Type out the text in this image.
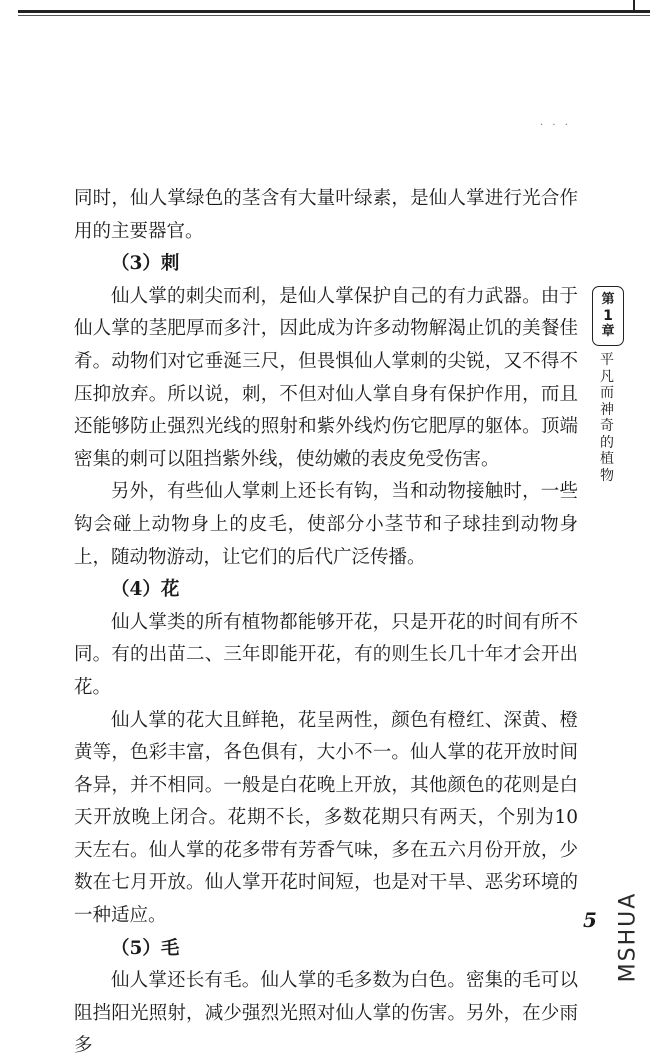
· · ·

同时，仙人掌绿色的茎含有大量叶绿素，是仙人掌进行光合作用的主要器官。

（3）刺

仙人掌的刺尖而利，是仙人掌保护自己的有力武器。由于仙人掌的茎肥厚而多汁，因此成为许多动物解渴止饥的美餐佳肴。动物们对它垂涎三尺，但畏惧仙人掌刺的尖锐，又不得不压抑放弃。所以说，刺，不但对仙人掌自身有保护作用，而且还能够防止强烈光线的照射和紫外线灼伤它肥厚的躯体。顶端密集的刺可以阻挡紫外线，使幼嫩的表皮免受伤害。

另外，有些仙人掌刺上还长有钩，当和动物接触时，一些钩会碰上动物身上的皮毛，使部分小茎节和子球挂到动物身上，随动物游动，让它们的后代广泛传播。

（4）花

仙人掌类的所有植物都能够开花，只是开花的时间有所不同。有的出苗二、三年即能开花，有的则生长几十年才会开出花。

仙人掌的花大且鲜艳，花呈两性，颜色有橙红、深黄、橙黄等，色彩丰富，各色俱有，大小不一。仙人掌的花开放时间各异，并不相同。一般是白花晚上开放，其他颜色的花则是白天开放晚上闭合。花期不长，多数花期只有两天，个别为10天左右。仙人掌的花多带有芳香气味，多在五六月份开放，少数在七月开放。仙人掌开花时间短，也是对干旱、恶劣环境的一种适应。

（5）毛

仙人掌还长有毛。仙人掌的毛多数为白色。密集的毛可以阻挡阳光照射，减少强烈光照对仙人掌的伤害。另外，在少雨多

第
1
章
平凡而神奇的植物
5 MSHUA
